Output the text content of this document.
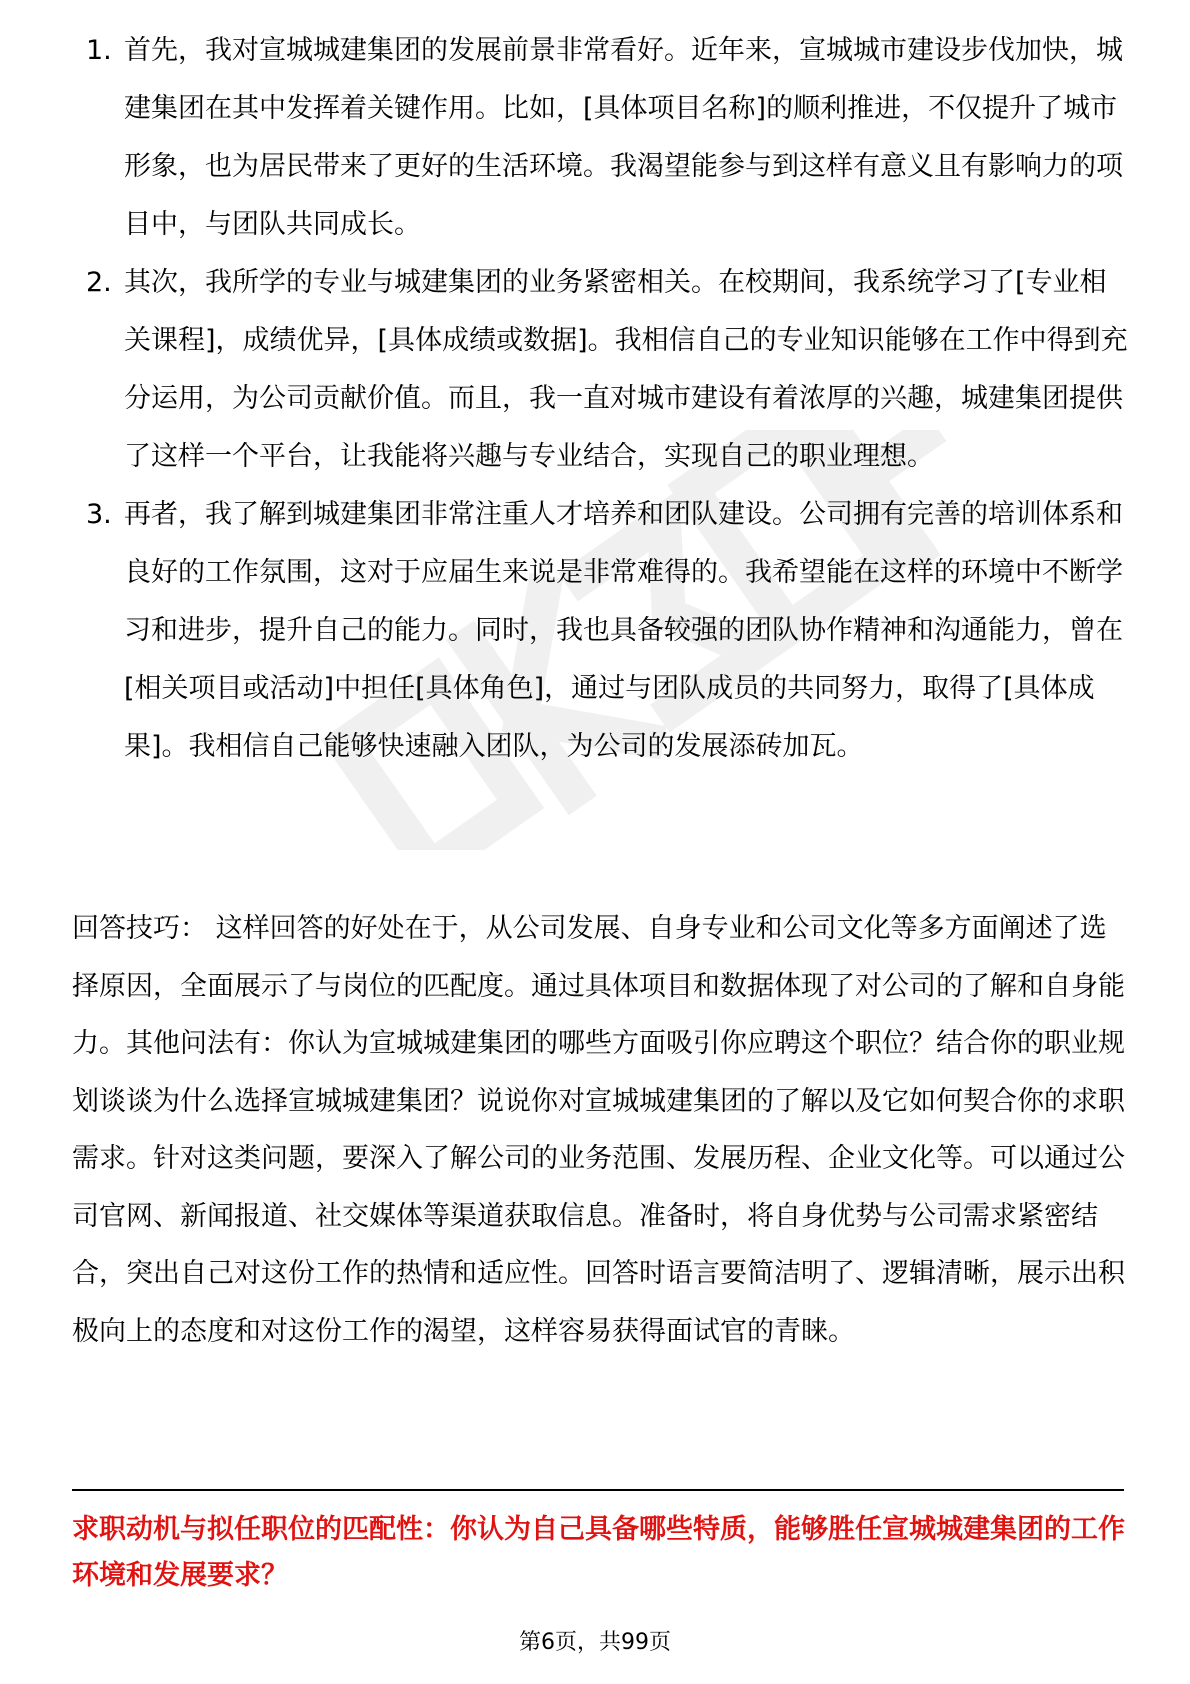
1. 首先，我对宣城城建集团的发展前景非常看好。近年来，宣城城市建设步伐加快，城建集团在其中发挥着关键作用。比如，[具体项目名称]的顺利推进，不仅提升了城市形象，也为居民带来了更好的生活环境。我渴望能参与到这样有意义且有影响力的项目中，与团队共同成长。
2. 其次，我所学的专业与城建集团的业务紧密相关。在校期间，我系统学习了[专业相关课程]，成绩优异，[具体成绩或数据]。我相信自己的专业知识能够在工作中得到充分运用，为公司贡献价值。而且，我一直对城市建设有着浓厚的兴趣，城建集团提供了这样一个平台，让我能将兴趣与专业结合，实现自己的职业理想。
3. 再者，我了解到城建集团非常注重人才培养和团队建设。公司拥有完善的培训体系和良好的工作氛围，这对于应届生来说是非常难得的。我希望能在这样的环境中不断学习和进步，提升自己的能力。同时，我也具备较强的团队协作精神和沟通能力，曾在[相关项目或活动]中担任[具体角色]，通过与团队成员的共同努力，取得了[具体成果]。我相信自己能够快速融入团队，为公司的发展添砖加瓦。

回答技巧： 这样回答的好处在于，从公司发展、自身专业和公司文化等多方面阐述了选择原因，全面展示了与岗位的匹配度。通过具体项目和数据体现了对公司的了解和自身能力。其他问法有：你认为宣城城建集团的哪些方面吸引你应聘这个职位？结合你的职业规划谈谈为什么选择宣城城建集团？说说你对宣城城建集团的了解以及它如何契合你的求职需求。针对这类问题，要深入了解公司的业务范围、发展历程、企业文化等。可以通过公司官网、新闻报道、社交媒体等渠道获取信息。准备时，将自身优势与公司需求紧密结合，突出自己对这份工作的热情和适应性。回答时语言要简洁明了、逻辑清晰，展示出积极向上的态度和对这份工作的渴望，这样容易获得面试官的青睐。

求职动机与拟任职位的匹配性：你认为自己具备哪些特质，能够胜任宣城城建集团的工作环境和发展要求？

第6页，共99页
